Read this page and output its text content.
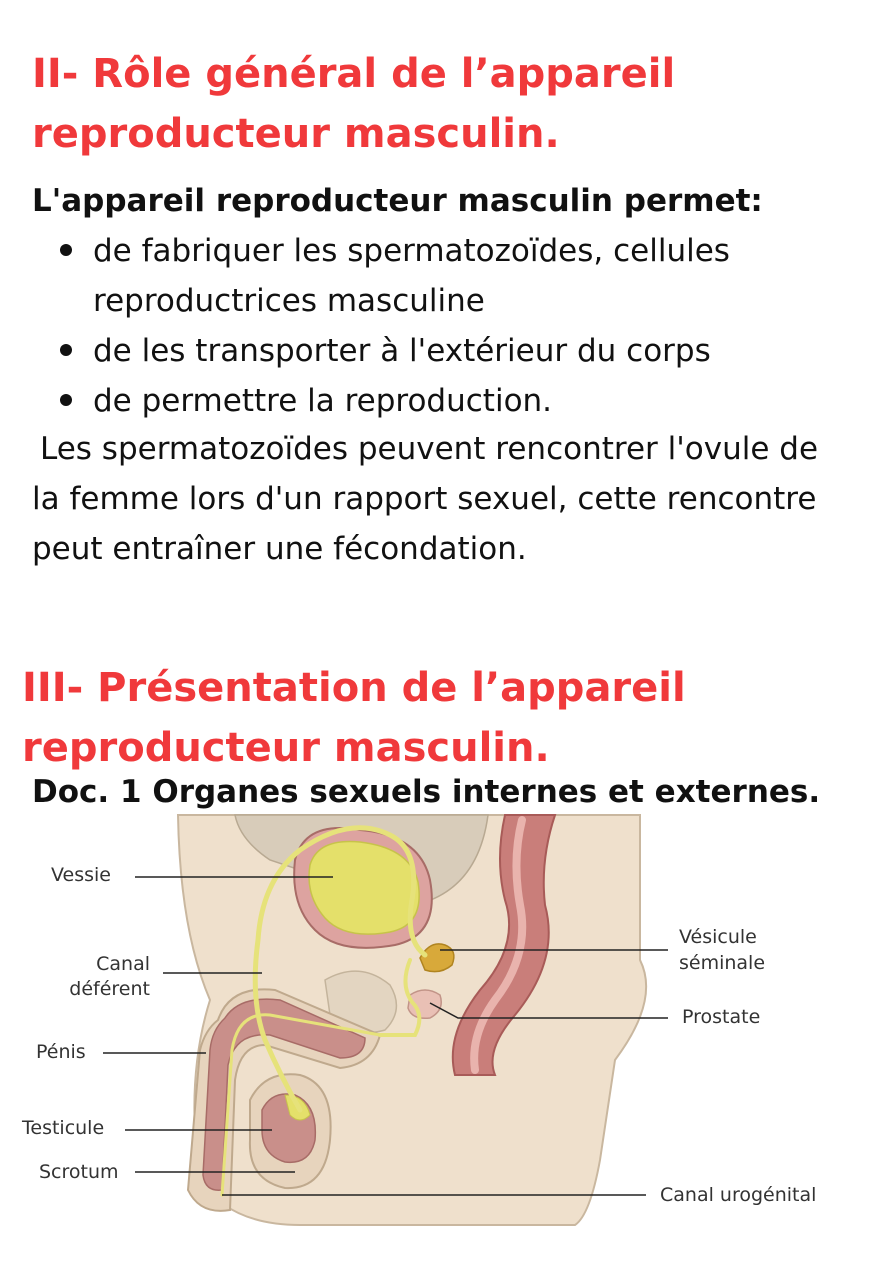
II- Rôle général de l’appareil reproducteur masculin.

L'appareil reproducteur masculin permet:

de fabriquer les spermatozoïdes, cellules reproductrices masculine
de les transporter à l'extérieur du corps
de permettre la reproduction.

Les spermatozoïdes peuvent rencontrer l'ovule de la femme lors d'un rapport sexuel, cette rencontre peut entraîner une fécondation.

III- Présentation de l’appareil reproducteur masculin.

Doc. 1 Organes sexuels internes et externes.

Vessie
Canal
déférent
Pénis
Testicule
Scrotum
Vésicule
séminale
Prostate
Canal urogénital
